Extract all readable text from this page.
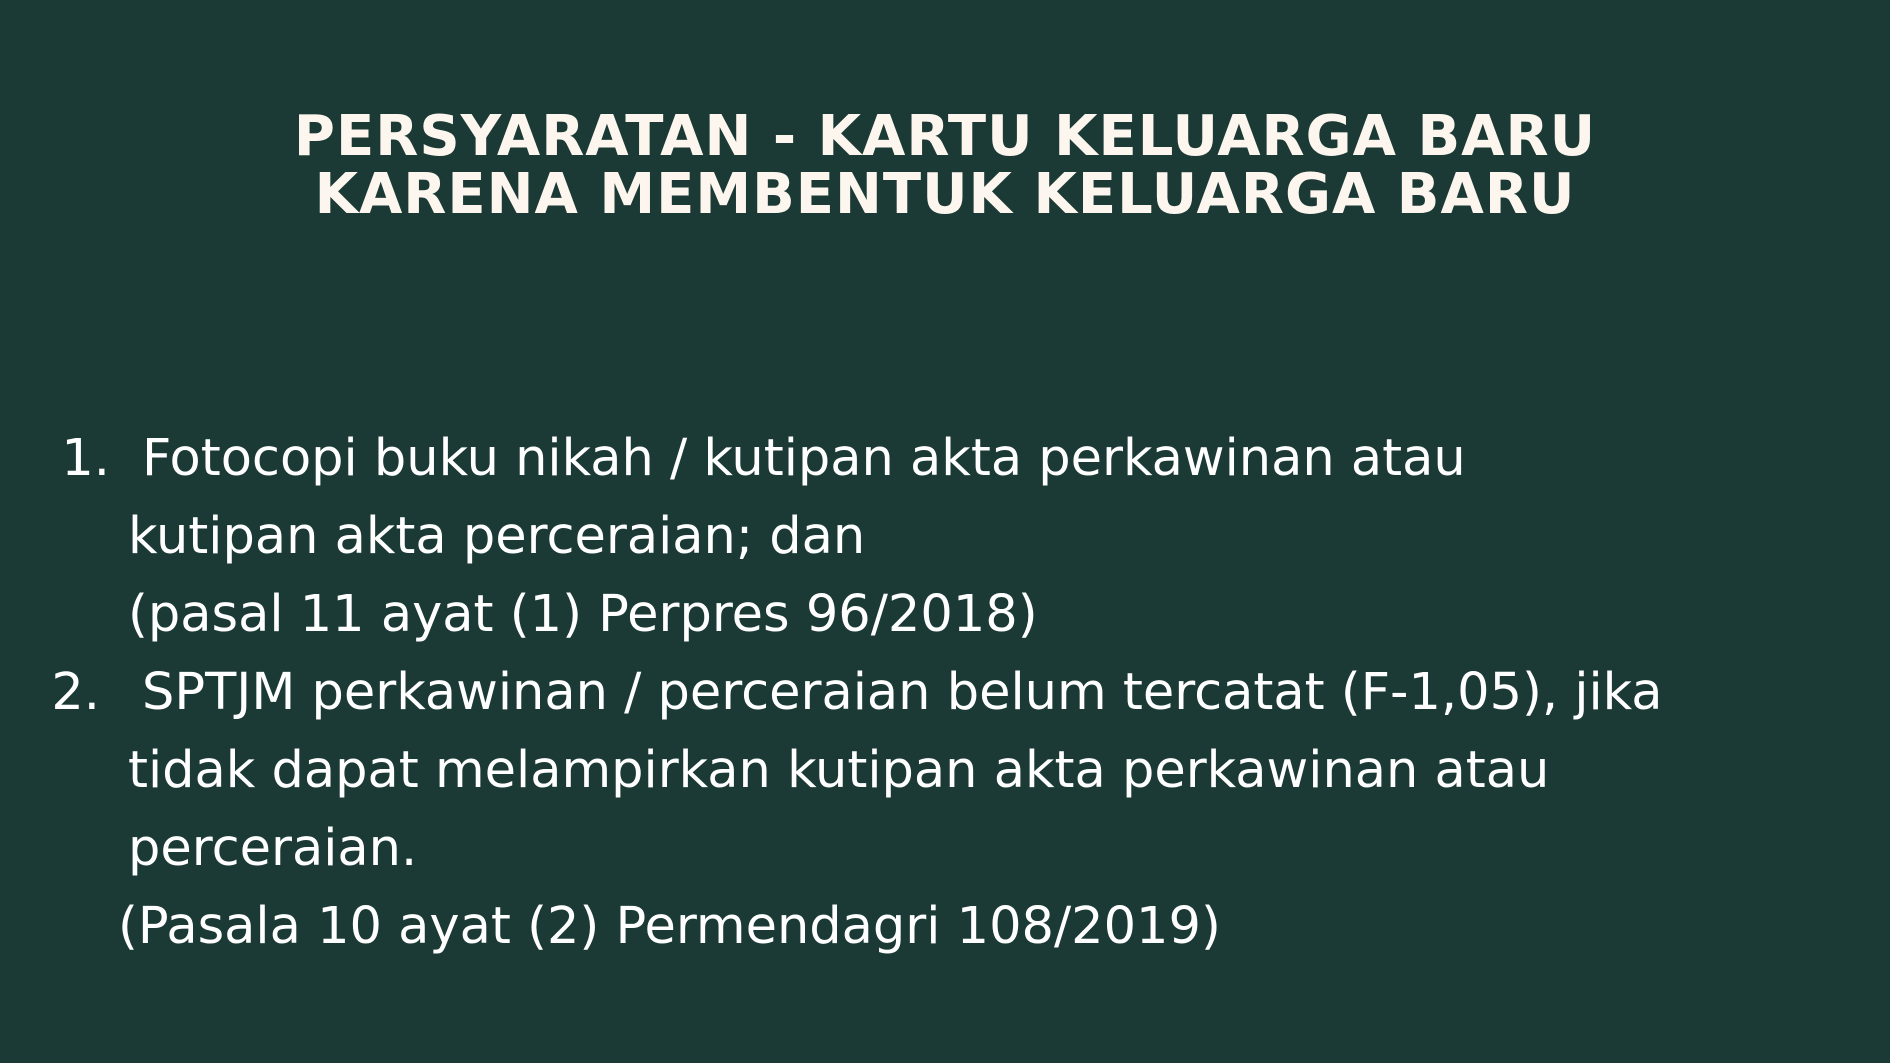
PERSYARATAN - KARTU KELUARGA BARU
KARENA MEMBENTUK KELUARGA BARU
1. Fotocopi buku nikah / kutipan akta perkawinan atau
kutipan akta perceraian; dan
(pasal 11 ayat (1) Perpres 96/2018)
2. SPTJM perkawinan / perceraian belum tercatat (F-1,05), jika
tidak dapat melampirkan kutipan akta perkawinan atau
perceraian.
(Pasala 10 ayat (2) Permendagri 108/2019)
